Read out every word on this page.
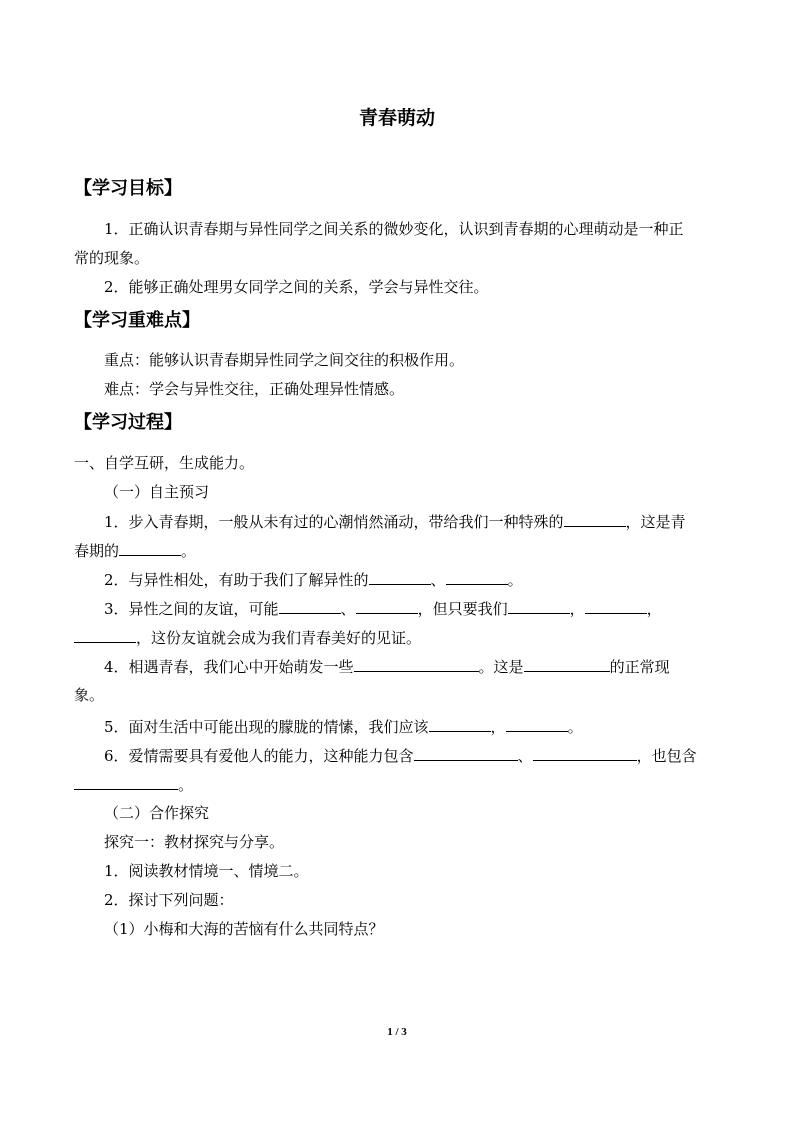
青春萌动
【学习目标】
1．正确认识青春期与异性同学之间关系的微妙变化，认识到青春期的心理萌动是一种正
常的现象。
2．能够正确处理男女同学之间的关系，学会与异性交往。
【学习重难点】
重点：能够认识青春期异性同学之间交往的积极作用。
难点：学会与异性交往，正确处理异性情感。
【学习过程】
一、自学互研，生成能力。
（一）自主预习
1．步入青春期，一般从未有过的心潮悄然涌动，带给我们一种特殊的	，这是青
春期的	。
2．与异性相处，有助于我们了解异性的	、	。
3．异性之间的友谊，可能	、	，但只要我们	，	，
，这份友谊就会成为我们青春美好的见证。
4．相遇青春，我们心中开始萌发一些	。这是	的正常现
象。
5．面对生活中可能出现的朦胧的情愫，我们应该	，	。
6．爱情需要具有爱他人的能力，这种能力包含	、	，也包含
。
（二）合作探究
探究一：教材探究与分享。
1．阅读教材情境一、情境二。
2．探讨下列问题：
（1）小梅和大海的苦恼有什么共同特点？
1 / 3
